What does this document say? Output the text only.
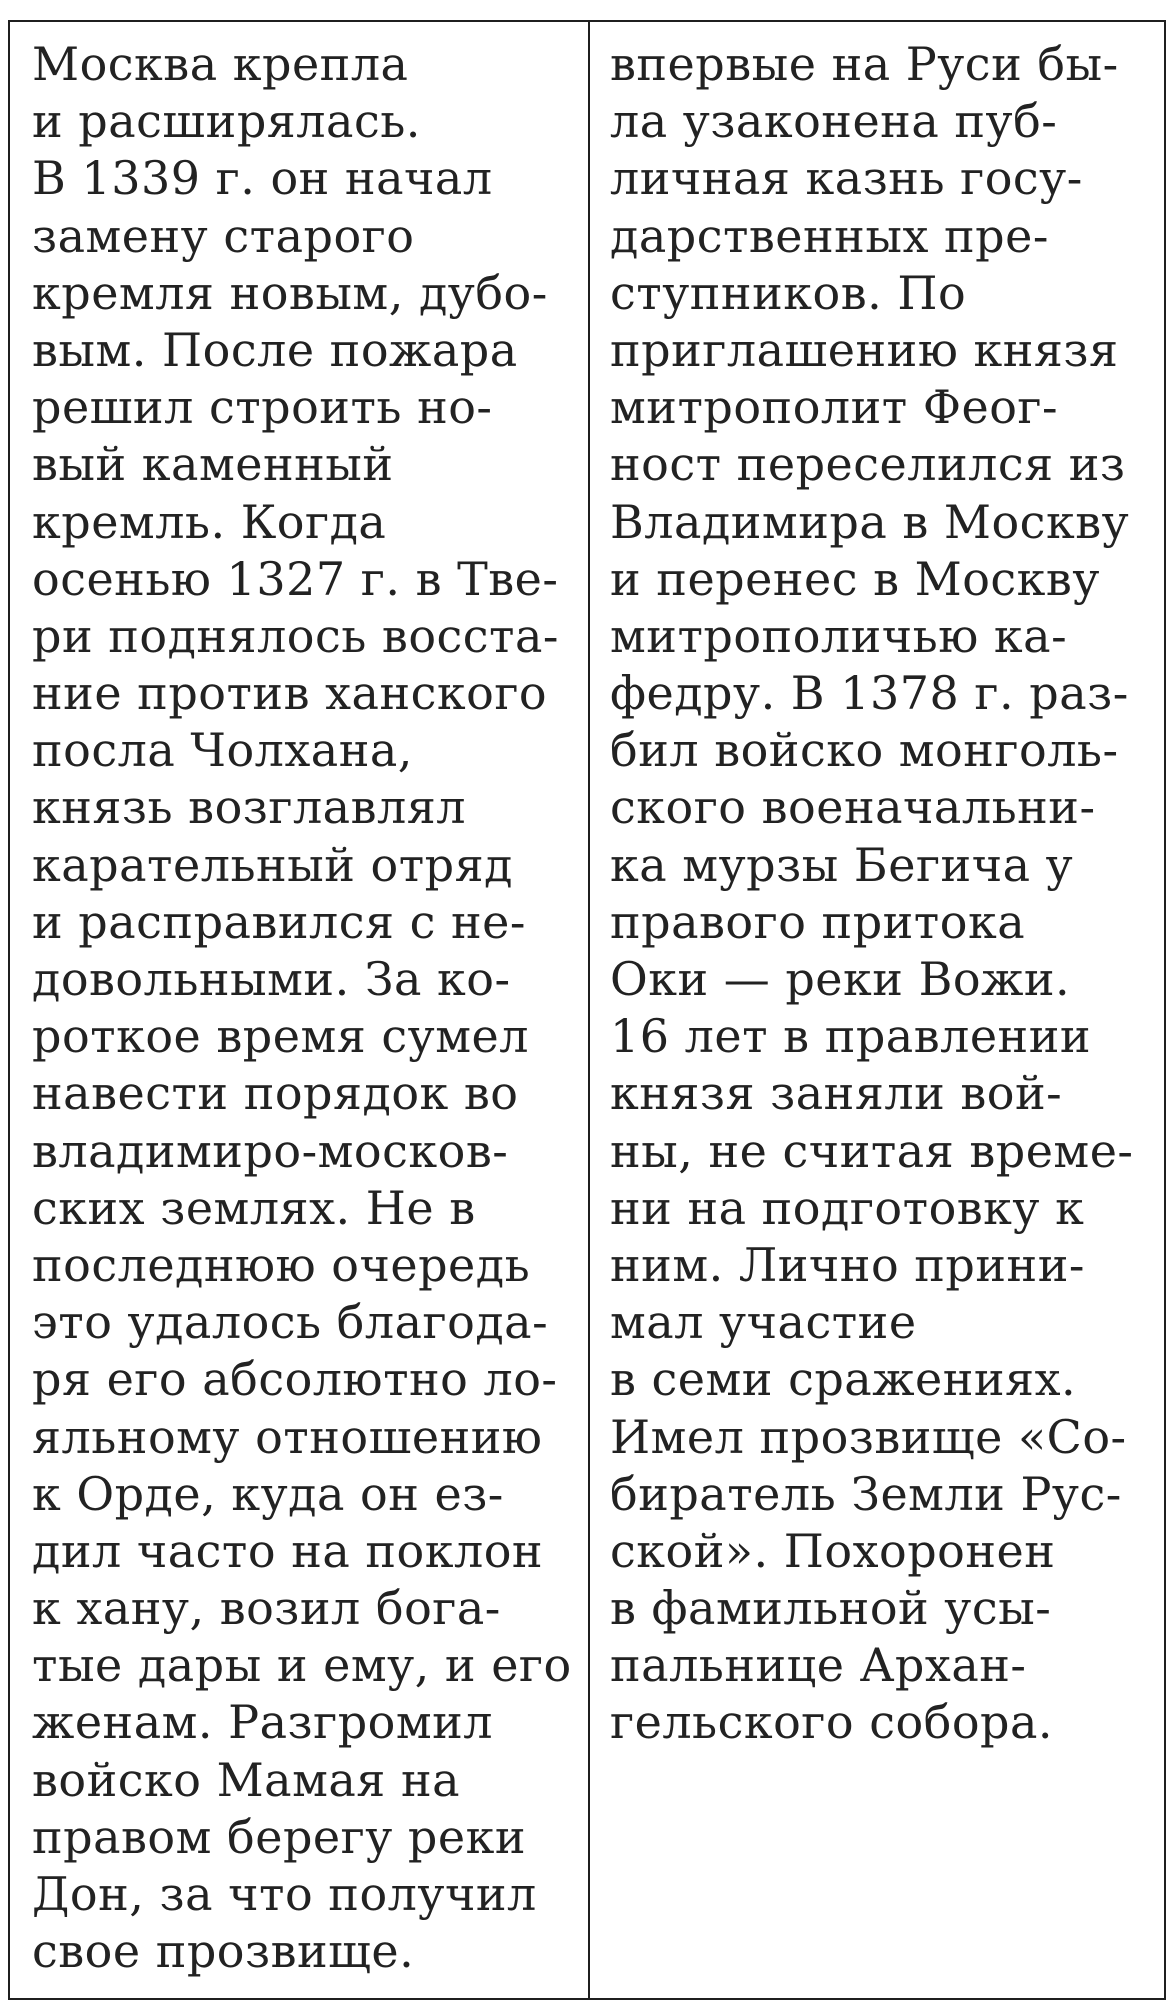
Москва крепла
и расширялась.
В 1339 г. он начал
замену старого
кремля новым, дубо-
вым. После пожара
решил строить но-
вый каменный
кремль. Когда
осенью 1327 г. в Тве-
ри поднялось восста-
ние против ханского
посла Чолхана,
князь возглавлял
карательный отряд
и расправился с не-
довольными. За ко-
роткое время сумел
навести порядок во
владимиро-москов-
ских землях. Не в
последнюю очередь
это удалось благода-
ря его абсолютно ло-
яльному отношению
к Орде, куда он ез-
дил часто на поклон
к хану, возил бога-
тые дары и ему, и его
женам. Разгромил
войско Мамая на
правом берегу реки
Дон, за что получил
свое прозвище.
впервые на Руси бы-
ла узаконена пуб-
личная казнь госу-
дарственных пре-
ступников. По
приглашению князя
митрополит Феог-
ност переселился из
Владимира в Москву
и перенес в Москву
митрополичью ка-
федру. В 1378 г. раз-
бил войско монголь-
ского военачальни-
ка мурзы Бегича у
правого притока
Оки — реки Вожи.
16 лет в правлении
князя заняли вой-
ны, не считая време-
ни на подготовку к
ним. Лично прини-
мал участие
в семи сражениях.
Имел прозвище «Со-
биратель Земли Рус-
ской». Похоронен
в фамильной усы-
пальнице Архан-
гельского собора.
